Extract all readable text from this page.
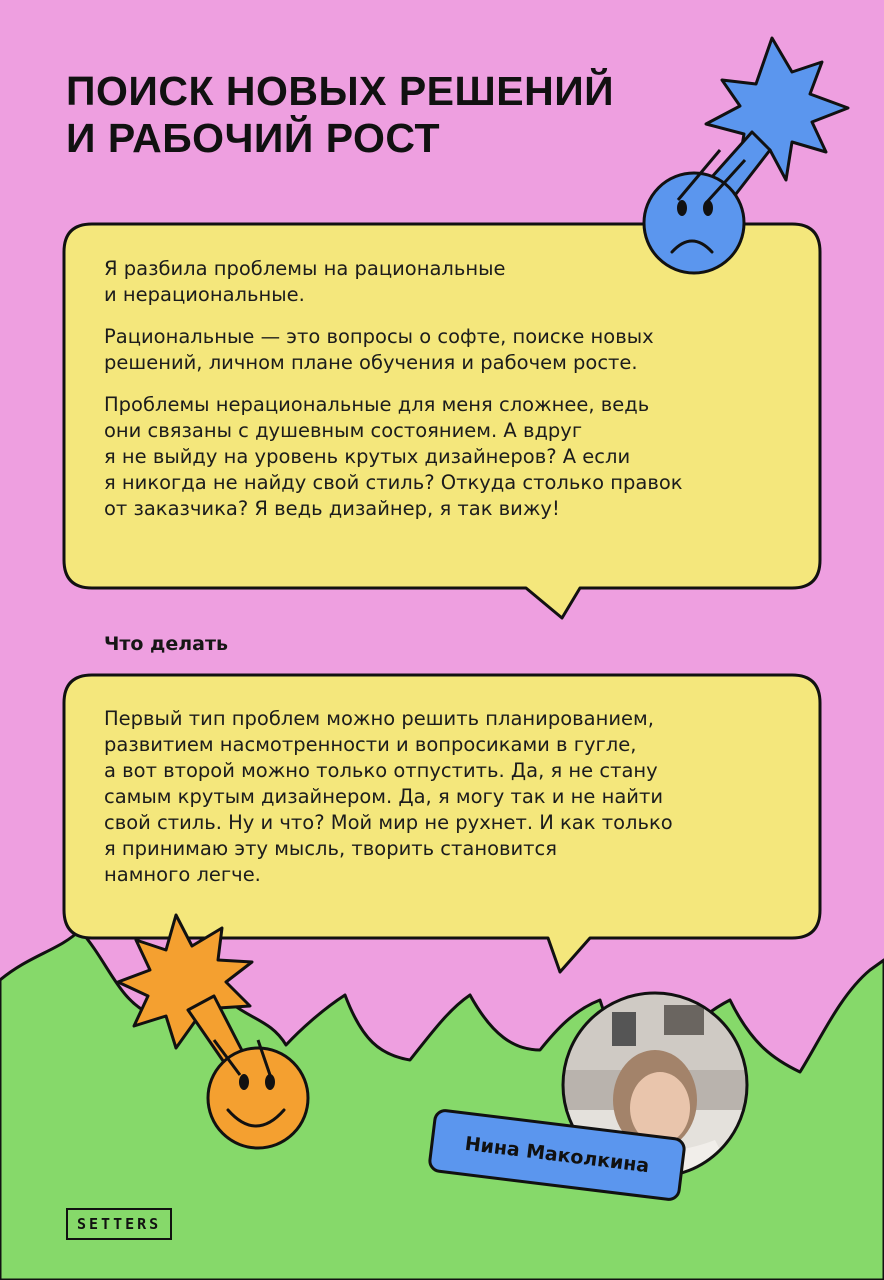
ПОИСК НОВЫХ РЕШЕНИЙ
И РАБОЧИЙ РОСТ

Я разбила проблемы на рациональные
и нерациональные.

Рациональные — это вопросы о софте, поиске новых
решений, личном плане обучения и рабочем росте.

Проблемы нерациональные для меня сложнее, ведь
они связаны с душевным состоянием. А вдруг
я не выйду на уровень крутых дизайнеров? А если
я никогда не найду свой стиль? Откуда столько правок
от заказчика? Я ведь дизайнер, я так вижу!

Что делать

Первый тип проблем можно решить планированием,
развитием насмотренности и вопросиками в гугле,
а вот второй можно только отпустить. Да, я не стану
самым крутым дизайнером. Да, я могу так и не найти
свой стиль. Ну и что? Мой мир не рухнет. И как только
я принимаю эту мысль, творить становится
намного легче.

Нина Маколкина
SETTERS
